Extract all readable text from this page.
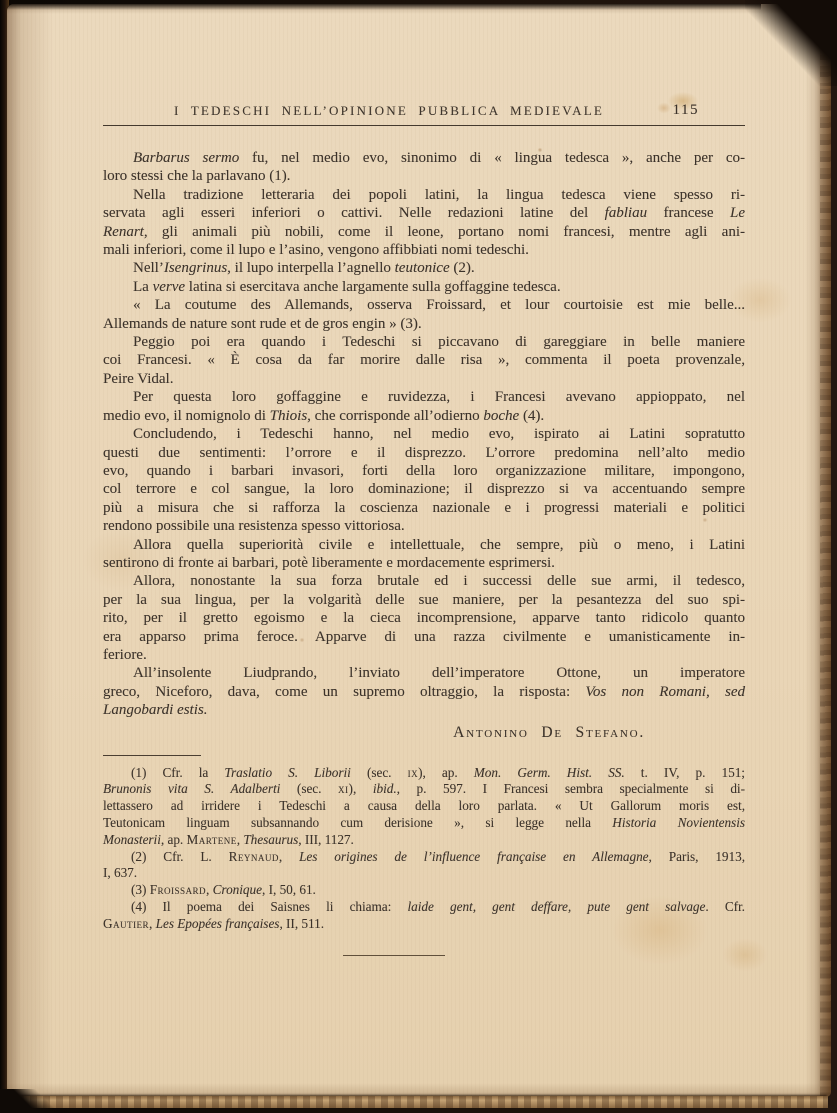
I TEDESCHI NELL’OPINIONE PUBBLICA MEDIEVALE	115
Barbarus sermo fu, nel medio evo, sinonimo di « lingua tedesca », anche per co-
loro stessi che la parlavano (1).
Nella tradizione letteraria dei popoli latini, la lingua tedesca viene spesso ri-
servata agli esseri inferiori o cattivi. Nelle redazioni latine del fabliau francese Le
Renart, gli animali più nobili, come il leone, portano nomi francesi, mentre agli ani-
mali inferiori, come il lupo e l’asino, vengono affibbiati nomi tedeschi.
Nell’Isengrinus, il lupo interpella l’agnello teutonice (2).
La verve latina si esercitava anche largamente sulla goffaggine tedesca.
« La coutume des Allemands, osserva Froissard, et lour courtoisie est mie belle...
Allemands de nature sont rude et de gros engin » (3).
Peggio poi era quando i Tedeschi si piccavano di gareggiare in belle maniere
coi Francesi. « È cosa da far morire dalle risa », commenta il poeta provenzale,
Peire Vidal.
Per questa loro goffaggine e ruvidezza, i Francesi avevano appioppato, nel
medio evo, il nomignolo di Thiois, che corrisponde all’odierno boche (4).
Concludendo, i Tedeschi hanno, nel medio evo, ispirato ai Latini sopratutto
questi due sentimenti: l’orrore e il disprezzo. L’orrore predomina nell’alto medio
evo, quando i barbari invasori, forti della loro organizzazione militare, impongono,
col terrore e col sangue, la loro dominazione; il disprezzo si va accentuando sempre
più a misura che si rafforza la coscienza nazionale e i progressi materiali e politici
rendono possibile una resistenza spesso vittoriosa.
Allora quella superiorità civile e intellettuale, che sempre, più o meno, i Latini
sentirono di fronte ai barbari, potè liberamente e mordacemente esprimersi.
Allora, nonostante la sua forza brutale ed i successi delle sue armi, il tedesco,
per la sua lingua, per la volgarità delle sue maniere, per la pesantezza del suo spi-
rito, per il gretto egoismo e la cieca incomprensione, apparve tanto ridicolo quanto
era apparso prima feroce. Apparve di una razza civilmente e umanisticamente in-
feriore.
All’insolente Liudprando, l’inviato dell’imperatore Ottone, un imperatore
greco, Niceforo, dava, come un supremo oltraggio, la risposta: Vos non Romani, sed
Langobardi estis.
Antonino De Stefano.
(1) Cfr. la Traslatio S. Liborii (sec. ix), ap. Mon. Germ. Hist. SS. t. IV, p. 151;
Brunonis vita S. Adalberti (sec. xi), ibid., p. 597. I Francesi sembra specialmente si di-
lettassero ad irridere i Tedeschi a causa della loro parlata. « Ut Gallorum moris est,
Teutonicam linguam subsannando cum derisione », si legge nella Historia Novientensis
Monasterii, ap. Martene, Thesaurus, III, 1127.
(2) Cfr. L. Reynaud, Les origines de l’influence française en Allemagne, Paris, 1913,
I, 637.
(3) Froissard, Cronique, I, 50, 61.
(4) Il poema dei Saisnes li chiama: laide gent, gent deffare, pute gent salvage. Cfr.
Gautier, Les Epopées françaises, II, 511.
